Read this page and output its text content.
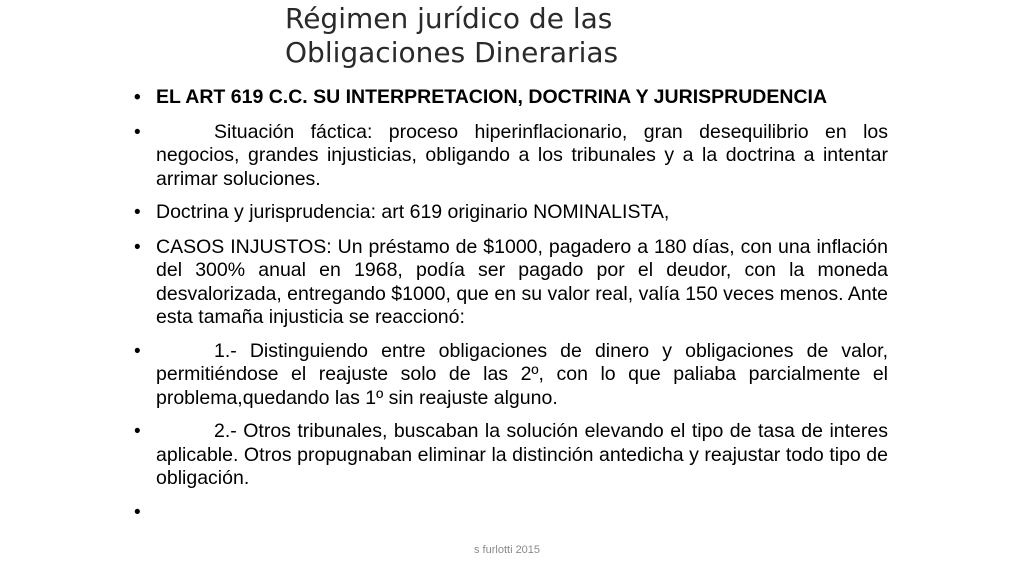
Régimen jurídico de las
Obligaciones Dinerarias
• EL ART 619 C.C. SU INTERPRETACION, DOCTRINA Y JURISPRUDENCIA
•	Situación fáctica: proceso hiperinflacionario, gran desequilibrio en los negocios, grandes injusticias, obligando a los tribunales y a la doctrina a intentar arrimar soluciones.
• Doctrina y jurisprudencia: art 619 originario NOMINALISTA,
• CASOS INJUSTOS: Un préstamo de $1000, pagadero a 180 días, con una inflación del 300% anual en 1968, podía ser pagado por el deudor, con la moneda desvalorizada, entregando $1000, que en su valor real, valía 150 veces menos. Ante esta tamaña injusticia se reaccionó:
•	1.- Distinguiendo entre obligaciones de dinero y obligaciones de valor, permitiéndose el reajuste solo de las 2º, con lo que paliaba parcialmente el problema,quedando las 1º sin reajuste alguno.
•	2.- Otros tribunales, buscaban la solución elevando el tipo de tasa de interes aplicable. Otros propugnaban eliminar la distinción antedicha y reajustar todo tipo de obligación.
•
s furlotti 2015
